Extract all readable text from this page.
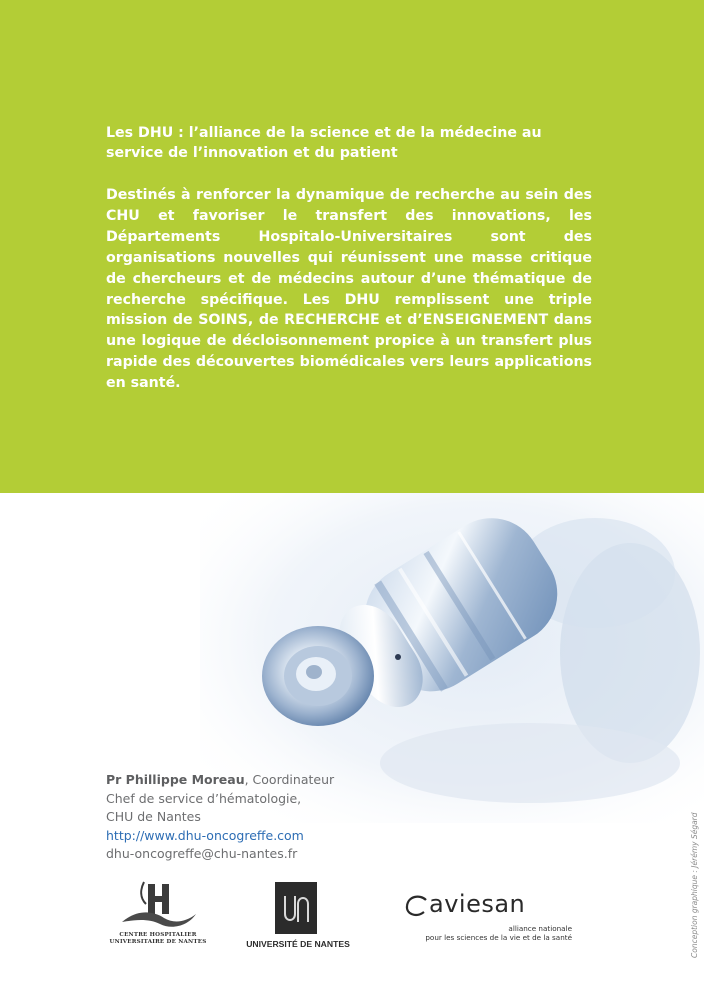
Les DHU : l’alliance de la science et de la médecine au service de l’innovation et du patient

Destinés à renforcer la dynamique de recherche au sein des CHU et favoriser le transfert des innovations, les Départements Hospitalo-Universitaires sont des organisations nouvelles qui réunissent une masse critique de chercheurs et de médecins autour d’une thématique de recherche spécifique. Les DHU remplissent une triple mission de SOINS, de RECHERCHE et d’ENSEIGNEMENT dans une logique de décloisonnement propice à un transfert plus rapide des découvertes biomédicales vers leurs applications en santé.

Pr Phillippe Moreau, Coordinateur
Chef de service d’hématologie,
CHU de Nantes
http://www.dhu-oncogreffe.com
dhu-oncogreffe@chu-nantes.fr	Conception graphique : Jérémy Ségard
CENTRE HOSPITALIER
UNIVERSITAIRE DE NANTES	UNIVERSITÉ DE NANTES
aviesan
alliance nationale
pour les sciences de la vie et de la santé
